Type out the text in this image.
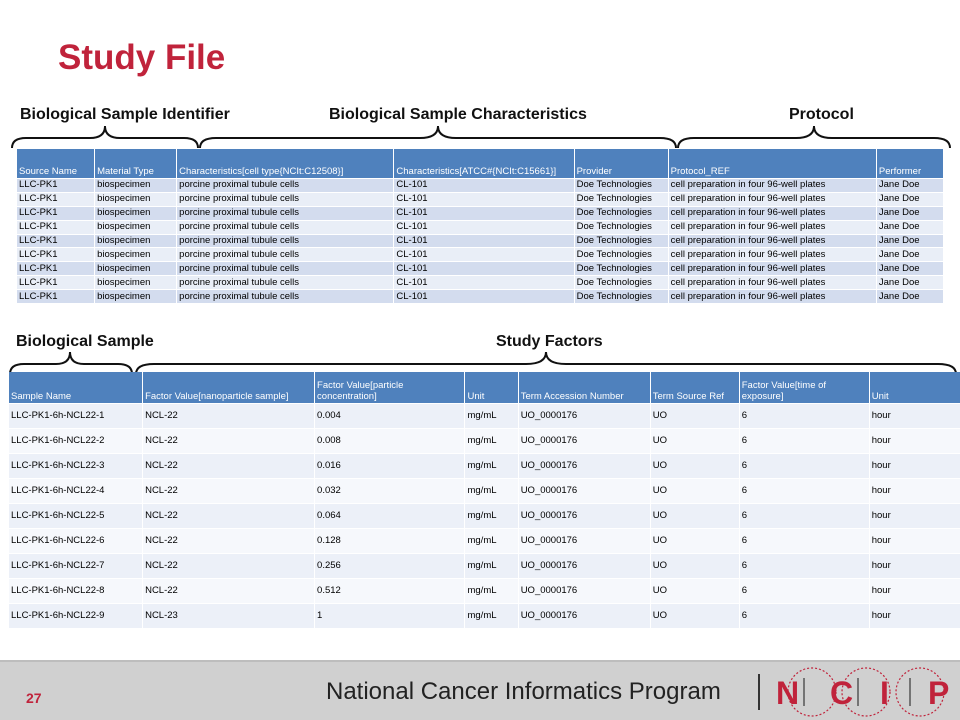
Study File
Biological Sample Identifier	Biological Sample Characteristics	Protocol
Source Name	Material Type	Characteristics[cell type{NCIt:C12508}]	Characteristics[ATCC#{NCIt:C15661}]	Provider	Protocol_REF	Performer
LLC-PK1	biospecimen	porcine proximal tubule cells	CL-101	Doe Technologies	cell preparation in four 96-well plates	Jane Doe
LLC-PK1	biospecimen	porcine proximal tubule cells	CL-101	Doe Technologies	cell preparation in four 96-well plates	Jane Doe
LLC-PK1	biospecimen	porcine proximal tubule cells	CL-101	Doe Technologies	cell preparation in four 96-well plates	Jane Doe
LLC-PK1	biospecimen	porcine proximal tubule cells	CL-101	Doe Technologies	cell preparation in four 96-well plates	Jane Doe
LLC-PK1	biospecimen	porcine proximal tubule cells	CL-101	Doe Technologies	cell preparation in four 96-well plates	Jane Doe
LLC-PK1	biospecimen	porcine proximal tubule cells	CL-101	Doe Technologies	cell preparation in four 96-well plates	Jane Doe
LLC-PK1	biospecimen	porcine proximal tubule cells	CL-101	Doe Technologies	cell preparation in four 96-well plates	Jane Doe
LLC-PK1	biospecimen	porcine proximal tubule cells	CL-101	Doe Technologies	cell preparation in four 96-well plates	Jane Doe
LLC-PK1	biospecimen	porcine proximal tubule cells	CL-101	Doe Technologies	cell preparation in four 96-well plates	Jane Doe
Biological Sample	Study Factors
Sample Name	Factor Value[nanoparticle sample]	Factor Value[particle concentration]	Unit	Term Accession Number	Term Source Ref	Factor Value[time of exposure]	Unit
LLC-PK1-6h-NCL22-1	NCL-22	0.004	mg/mL	UO_0000176	UO	6	hour
LLC-PK1-6h-NCL22-2	NCL-22	0.008	mg/mL	UO_0000176	UO	6	hour
LLC-PK1-6h-NCL22-3	NCL-22	0.016	mg/mL	UO_0000176	UO	6	hour
LLC-PK1-6h-NCL22-4	NCL-22	0.032	mg/mL	UO_0000176	UO	6	hour
LLC-PK1-6h-NCL22-5	NCL-22	0.064	mg/mL	UO_0000176	UO	6	hour
LLC-PK1-6h-NCL22-6	NCL-22	0.128	mg/mL	UO_0000176	UO	6	hour
LLC-PK1-6h-NCL22-7	NCL-22	0.256	mg/mL	UO_0000176	UO	6	hour
LLC-PK1-6h-NCL22-8	NCL-22	0.512	mg/mL	UO_0000176	UO	6	hour
LLC-PK1-6h-NCL22-9	NCL-23	1	mg/mL	UO_0000176	UO	6	hour
27	National Cancer Informatics Program N C I P
